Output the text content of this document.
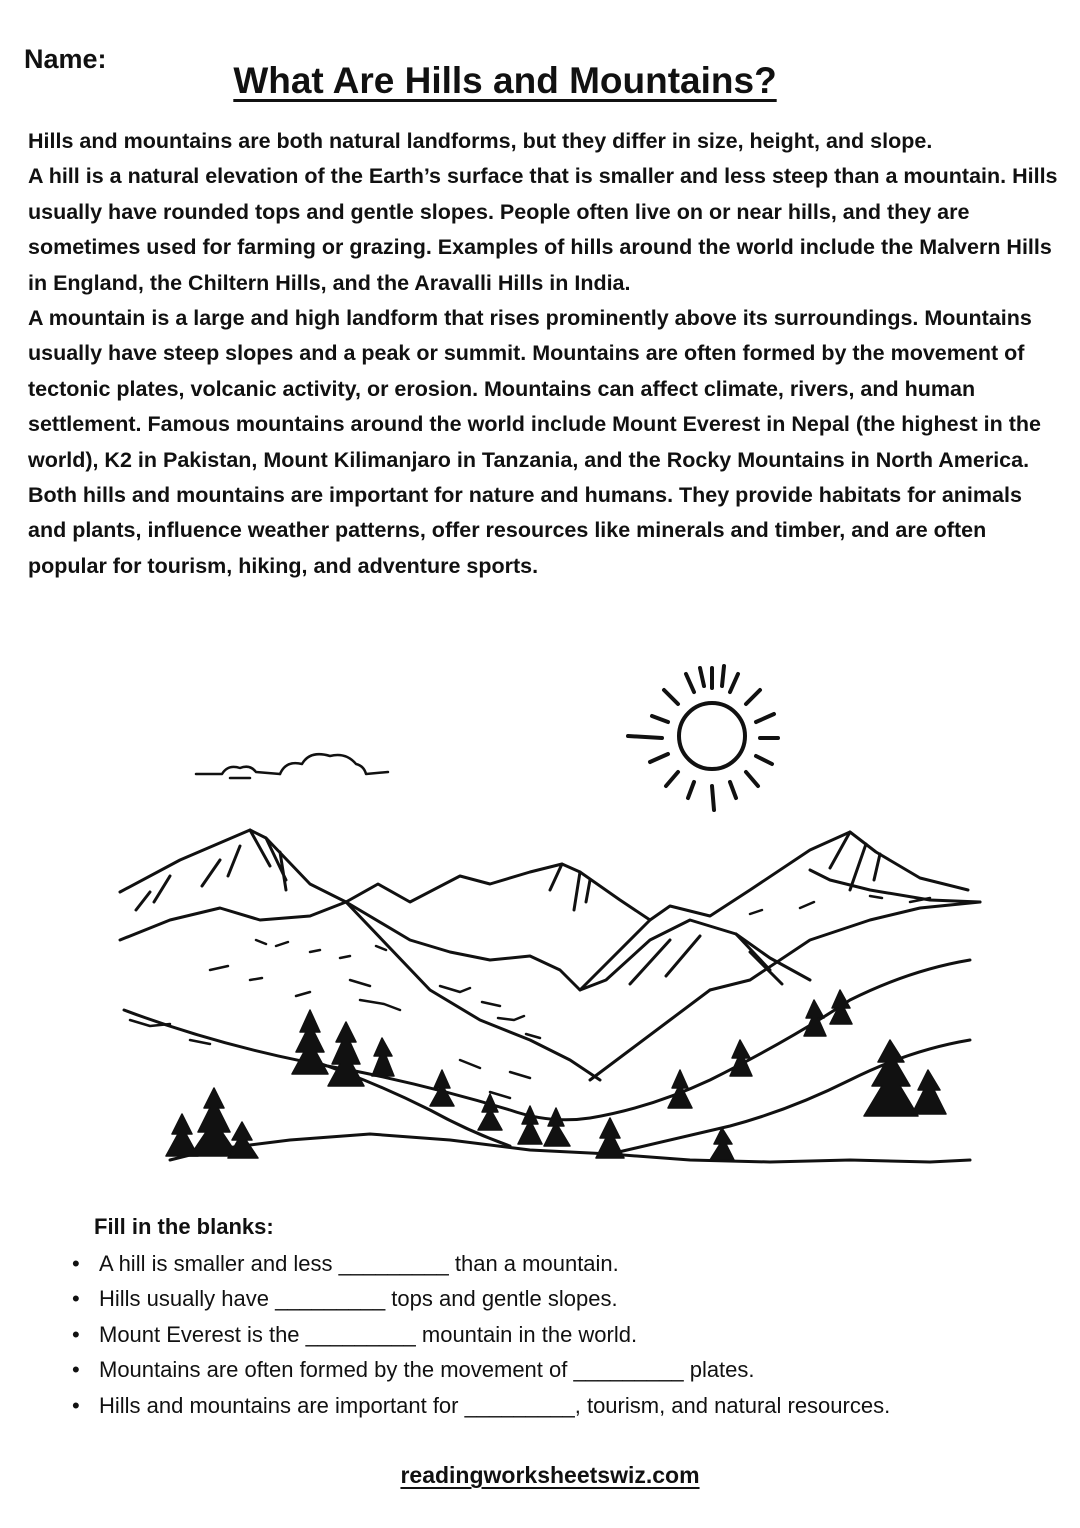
Name:
What Are Hills and Mountains?

Hills and mountains are both natural landforms, but they differ in size, height, and slope.

A hill is a natural elevation of the Earth’s surface that is smaller and less steep than a mountain. Hills usually have rounded tops and gentle slopes. People often live on or near hills, and they are sometimes used for farming or grazing. Examples of hills around the world include the Malvern Hills in England, the Chiltern Hills, and the Aravalli Hills in India.

A mountain is a large and high landform that rises prominently above its surroundings. Mountains usually have steep slopes and a peak or summit. Mountains are often formed by the movement of tectonic plates, volcanic activity, or erosion. Mountains can affect climate, rivers, and human settlement. Famous mountains around the world include Mount Everest in Nepal (the highest in the world), K2 in Pakistan, Mount Kilimanjaro in Tanzania, and the Rocky Mountains in North America.

Both hills and mountains are important for nature and humans. They provide habitats for animals and plants, influence weather patterns, offer resources like minerals and timber, and are often popular for tourism, hiking, and adventure sports.

Fill in the blanks:
• A hill is smaller and less _________ than a mountain.
• Hills usually have _________ tops and gentle slopes.
• Mount Everest is the _________ mountain in the world.
• Mountains are often formed by the movement of _________ plates.
• Hills and mountains are important for _________, tourism, and natural resources.
readingworksheetswiz.com
